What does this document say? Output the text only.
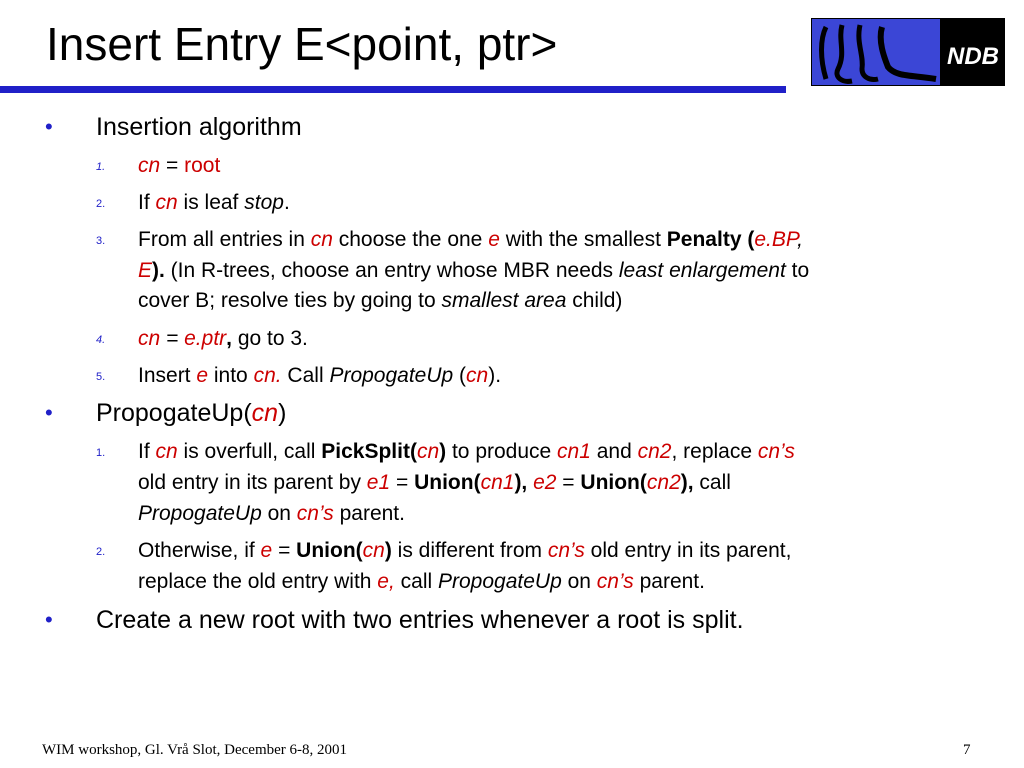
Insert Entry E<point, ptr>	NDB
• Insertion algorithm
1. cn = root
2. If cn is leaf stop.
3. From all entries in cn choose the one e with the smallest Penalty (e.BP,
E). (In R-trees, choose an entry whose MBR needs least enlargement to
cover B; resolve ties by going to smallest area child)
4. cn = e.ptr, go to 3.
5. Insert e into cn. Call PropogateUp (cn).
• PropogateUp(cn)
1. If cn is overfull, call PickSplit(cn) to produce cn1 and cn2, replace cn’s
old entry in its parent by e1 = Union(cn1), e2 = Union(cn2), call
PropogateUp on cn’s parent.
2. Otherwise, if e = Union(cn) is different from cn’s old entry in its parent,
replace the old entry with e, call PropogateUp on cn’s parent.
• Create a new root with two entries whenever a root is split.
WIM workshop, Gl. Vrå Slot, December 6-8, 2001	7
